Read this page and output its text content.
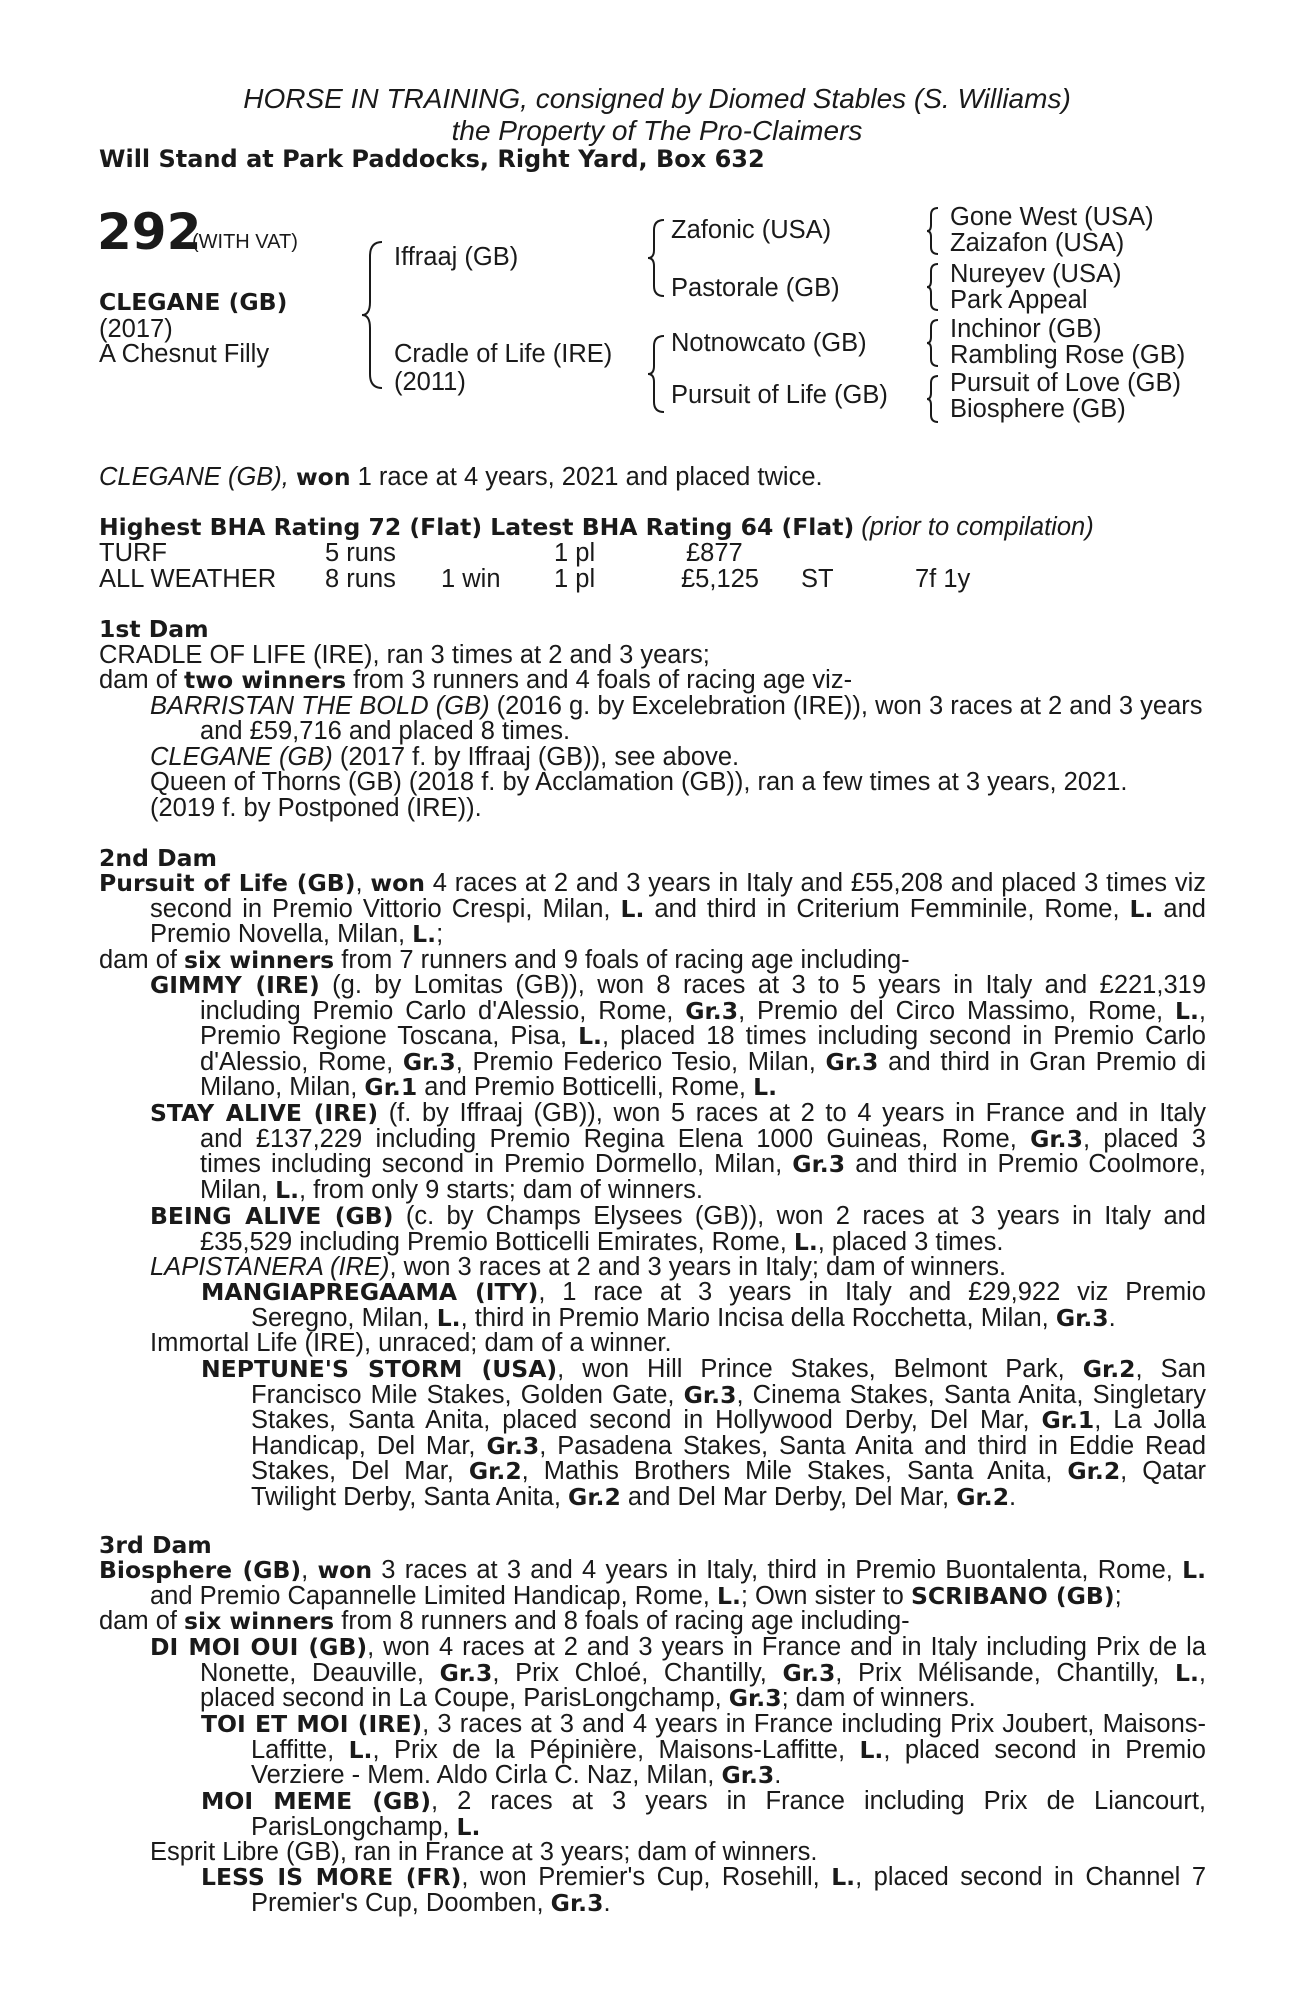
HORSE IN TRAINING, consigned by Diomed Stables (S. Williams)
the Property of The Pro-Claimers
Will Stand at Park Paddocks, Right Yard, Box 632
292
(WITH VAT)
CLEGANE (GB)
(2017)
A Chesnut Filly
Iffraaj (GB)
Cradle of Life (IRE)
(2011)
Zafonic (USA)
Pastorale (GB)
Notnowcato (GB)
Pursuit of Life (GB)
Gone West (USA)
Zaizafon (USA)
Nureyev (USA)
Park Appeal
Inchinor (GB)
Rambling Rose (GB)
Pursuit of Love (GB)
Biosphere (GB)
CLEGANE (GB), won 1 race at 4 years, 2021 and placed twice.
Highest BHA Rating 72 (Flat) Latest BHA Rating 64 (Flat) (prior to compilation)
TURF	5 runs	1 pl	£877
ALL WEATHER 8 runs 1 win 1 pl	£5,125 ST	7f 1y
1st Dam
CRADLE OF LIFE (IRE), ran 3 times at 2 and 3 years;
dam of two winners from 3 runners and 4 foals of racing age viz-
BARRISTAN THE BOLD (GB) (2016 g. by Excelebration (IRE)), won 3 races at 2 and 3 years
and £59,716 and placed 8 times.
CLEGANE (GB) (2017 f. by Iffraaj (GB)), see above.
Queen of Thorns (GB) (2018 f. by Acclamation (GB)), ran a few times at 3 years, 2021.
(2019 f. by Postponed (IRE)).
2nd Dam
Pursuit of Life (GB), won 4 races at 2 and 3 years in Italy and £55,208 and placed 3 times viz
second in Premio Vittorio Crespi, Milan, L. and third in Criterium Femminile, Rome, L. and
Premio Novella, Milan, L.;
dam of six winners from 7 runners and 9 foals of racing age including-
GIMMY (IRE) (g. by Lomitas (GB)), won 8 races at 3 to 5 years in Italy and £221,319
including Premio Carlo d'Alessio, Rome, Gr.3, Premio del Circo Massimo, Rome, L.,
Premio Regione Toscana, Pisa, L., placed 18 times including second in Premio Carlo
d'Alessio, Rome, Gr.3, Premio Federico Tesio, Milan, Gr.3 and third in Gran Premio di
Milano, Milan, Gr.1 and Premio Botticelli, Rome, L.
STAY ALIVE (IRE) (f. by Iffraaj (GB)), won 5 races at 2 to 4 years in France and in Italy
and £137,229 including Premio Regina Elena 1000 Guineas, Rome, Gr.3, placed 3
times including second in Premio Dormello, Milan, Gr.3 and third in Premio Coolmore,
Milan, L., from only 9 starts; dam of winners.
BEING ALIVE (GB) (c. by Champs Elysees (GB)), won 2 races at 3 years in Italy and
£35,529 including Premio Botticelli Emirates, Rome, L., placed 3 times.
LAPISTANERA (IRE), won 3 races at 2 and 3 years in Italy; dam of winners.
MANGIAPREGAAMA (ITY), 1 race at 3 years in Italy and £29,922 viz Premio
Seregno, Milan, L., third in Premio Mario Incisa della Rocchetta, Milan, Gr.3.
Immortal Life (IRE), unraced; dam of a winner.
NEPTUNE'S STORM (USA), won Hill Prince Stakes, Belmont Park, Gr.2, San
Francisco Mile Stakes, Golden Gate, Gr.3, Cinema Stakes, Santa Anita, Singletary
Stakes, Santa Anita, placed second in Hollywood Derby, Del Mar, Gr.1, La Jolla
Handicap, Del Mar, Gr.3, Pasadena Stakes, Santa Anita and third in Eddie Read
Stakes, Del Mar, Gr.2, Mathis Brothers Mile Stakes, Santa Anita, Gr.2, Qatar
Twilight Derby, Santa Anita, Gr.2 and Del Mar Derby, Del Mar, Gr.2.
3rd Dam
Biosphere (GB), won 3 races at 3 and 4 years in Italy, third in Premio Buontalenta, Rome, L.
and Premio Capannelle Limited Handicap, Rome, L.; Own sister to SCRIBANO (GB);
dam of six winners from 8 runners and 8 foals of racing age including-
DI MOI OUI (GB), won 4 races at 2 and 3 years in France and in Italy including Prix de la
Nonette, Deauville, Gr.3, Prix Chloé, Chantilly, Gr.3, Prix Mélisande, Chantilly, L.,
placed second in La Coupe, ParisLongchamp, Gr.3; dam of winners.
TOI ET MOI (IRE), 3 races at 3 and 4 years in France including Prix Joubert, Maisons-
Laffitte, L., Prix de la Pépinière, Maisons-Laffitte, L., placed second in Premio
Verziere - Mem. Aldo Cirla C. Naz, Milan, Gr.3.
MOI MEME (GB), 2 races at 3 years in France including Prix de Liancourt,
ParisLongchamp, L.
Esprit Libre (GB), ran in France at 3 years; dam of winners.
LESS IS MORE (FR), won Premier's Cup, Rosehill, L., placed second in Channel 7
Premier's Cup, Doomben, Gr.3.
